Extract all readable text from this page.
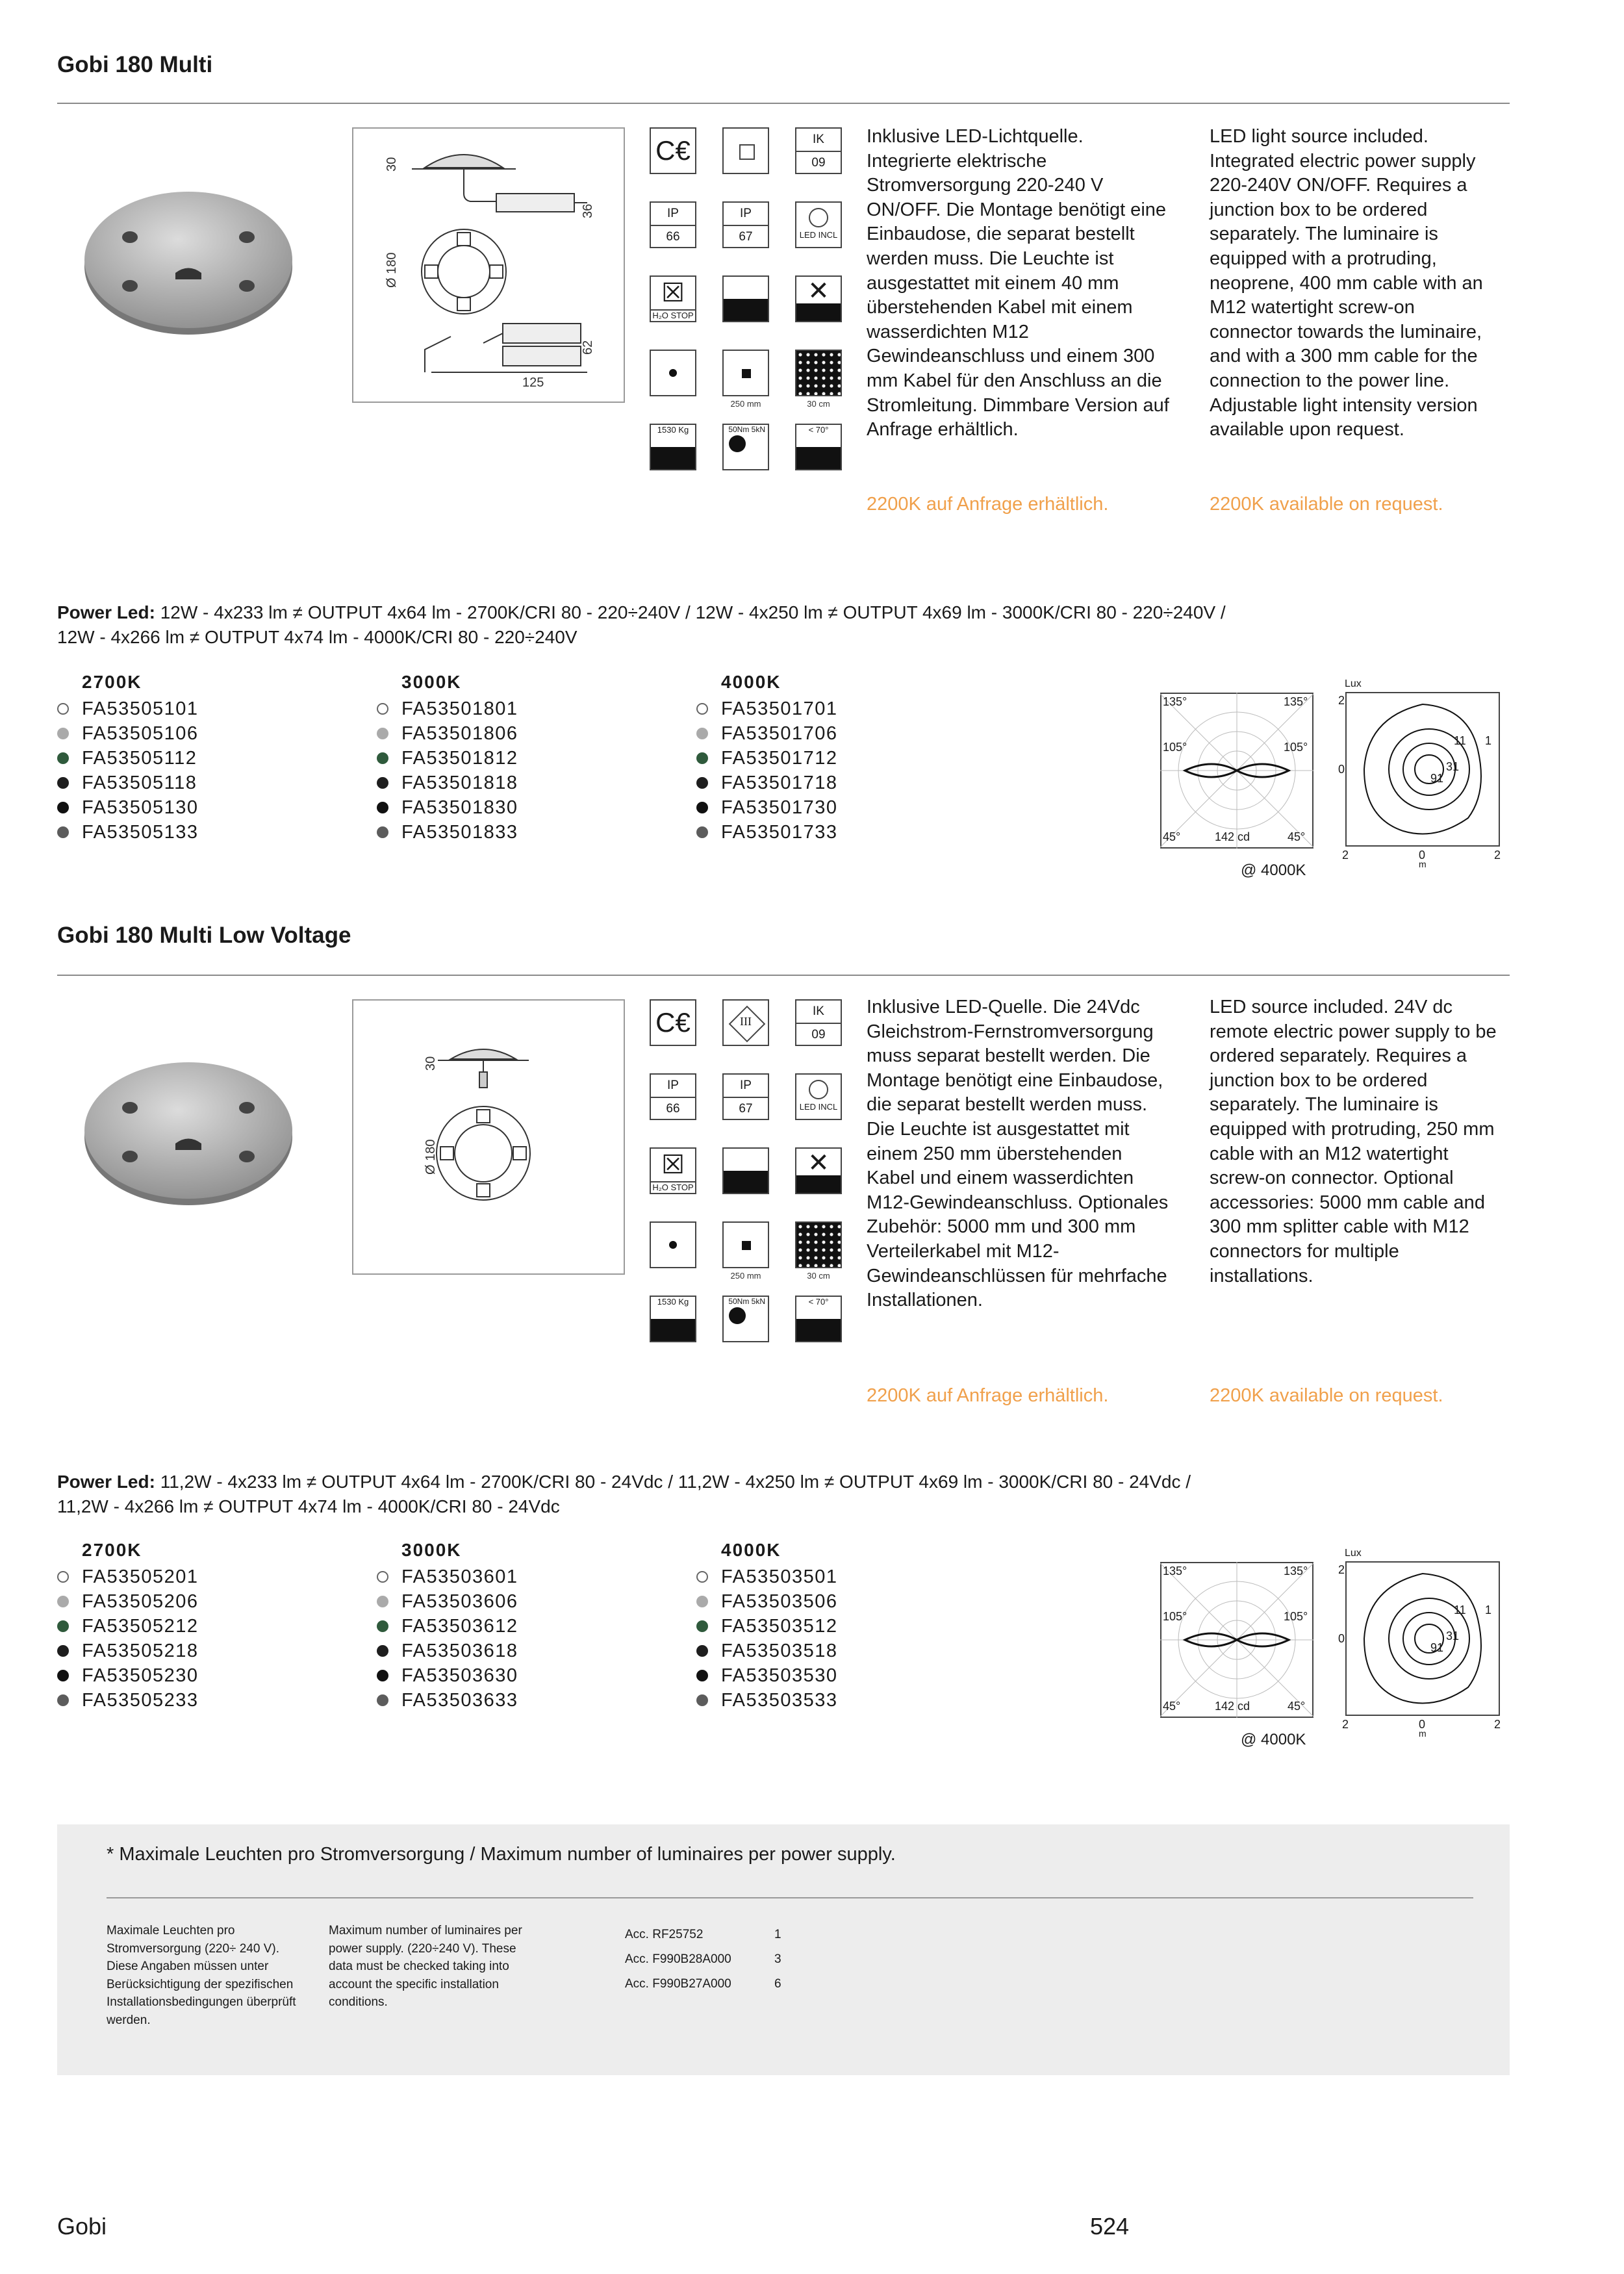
Gobi 180 Multi
30
36
Ø 180
62
125
C€	IK
09
IP
66
IP
67	LED INCL
☒
H₂O STOP
✕
250 mm	30 cm
1530 Kg	50Nm 5kN	< 70°
Inklusive LED-Lichtquelle. Integrierte elektrische Stromversorgung 220-240 V ON/OFF. Die Montage benötigt eine Einbaudose, die separat bestellt werden muss. Die Leuchte ist ausgestattet mit einem 40 mm überstehenden Kabel mit einem wasserdichten M12 Gewindeanschluss und einem 300 mm Kabel für den Anschluss an die Stromleitung. Dimmbare Version auf Anfrage erhältlich.
LED light source included. Integrated electric power supply 220-240V ON/OFF. Requires a junction box to be ordered separately. The luminaire is equipped with a protruding, neoprene, 400 mm cable with an M12 watertight screw-on connector towards the luminaire, and with a 300 mm cable for the connection to the power line. Adjustable light intensity version available upon request.
2200K auf Anfrage erhältlich.	2200K available on request.
Power Led: 12W - 4x233 lm ≠ OUTPUT 4x64 lm - 2700K/CRI 80 - 220÷240V / 12W - 4x250 lm ≠ OUTPUT 4x69 lm - 3000K/CRI 80 - 220÷240V /
12W - 4x266 lm ≠ OUTPUT 4x74 lm - 4000K/CRI 80 - 220÷240V
2700K
FA53505101
FA53505106
FA53505112
FA53505118
FA53505130
FA53505133
3000K
FA53501801
FA53501806
FA53501812
FA53501818
FA53501830
FA53501833
4000K
FA53501701
FA53501706
FA53501712
FA53501718
FA53501730
FA53501733
135°	135°
105°	105°
45°	45°
142 cd
@ 4000K
Lux
2
0
2	0	2
m
11 1
31
91
Gobi 180 Multi Low Voltage
30
Ø 180
C€	III
IK
09
IP
66
IP
67	LED INCL
☒
H₂O STOP
✕
250 mm	30 cm
1530 Kg	50Nm 5kN	< 70°
Inklusive LED-Quelle. Die 24Vdc Gleichstrom-Fernstromversorgung muss separat bestellt werden. Die Montage benötigt eine Einbaudose, die separat bestellt werden muss. Die Leuchte ist ausgestattet mit einem 250 mm überstehenden Kabel und einem wasserdichten M12-Gewindeanschluss. Optionales Zubehör: 5000 mm und 300 mm Verteilerkabel mit M12-Gewindeanschlüssen für mehrfache Installationen.
LED source included. 24V dc remote electric power supply to be ordered separately. Requires a junction box to be ordered separately. The luminaire is equipped with protruding, 250 mm cable with an M12 watertight screw-on connector. Optional accessories: 5000 mm cable and 300 mm splitter cable with M12 connectors for multiple installations.
2200K auf Anfrage erhältlich.	2200K available on request.
Power Led: 11,2W - 4x233 lm ≠ OUTPUT 4x64 lm - 2700K/CRI 80 - 24Vdc / 11,2W - 4x250 lm ≠ OUTPUT 4x69 lm - 3000K/CRI 80 - 24Vdc /
11,2W - 4x266 lm ≠ OUTPUT 4x74 lm - 4000K/CRI 80 - 24Vdc
2700K
FA53505201
FA53505206
FA53505212
FA53505218
FA53505230
FA53505233
3000K
FA53503601
FA53503606
FA53503612
FA53503618
FA53503630
FA53503633
4000K
FA53503501
FA53503506
FA53503512
FA53503518
FA53503530
FA53503533
135°	135°
105°	105°
45°	45°
142 cd
@ 4000K
Lux
2
0
2	0	2
m
11 1
31
91
* Maximale Leuchten pro Stromversorgung / Maximum number of luminaires per power supply.
Maximale Leuchten pro Stromversorgung (220÷ 240 V). Diese Angaben müssen unter Berücksichtigung der spezifischen Installationsbedingungen überprüft werden.
Maximum number of luminaires per power supply. (220÷240 V). These data must be checked taking into account the specific installation conditions.
Acc. RF25752	1
Acc. F990B28A000	3
Acc. F990B27A000	6
Gobi	524
